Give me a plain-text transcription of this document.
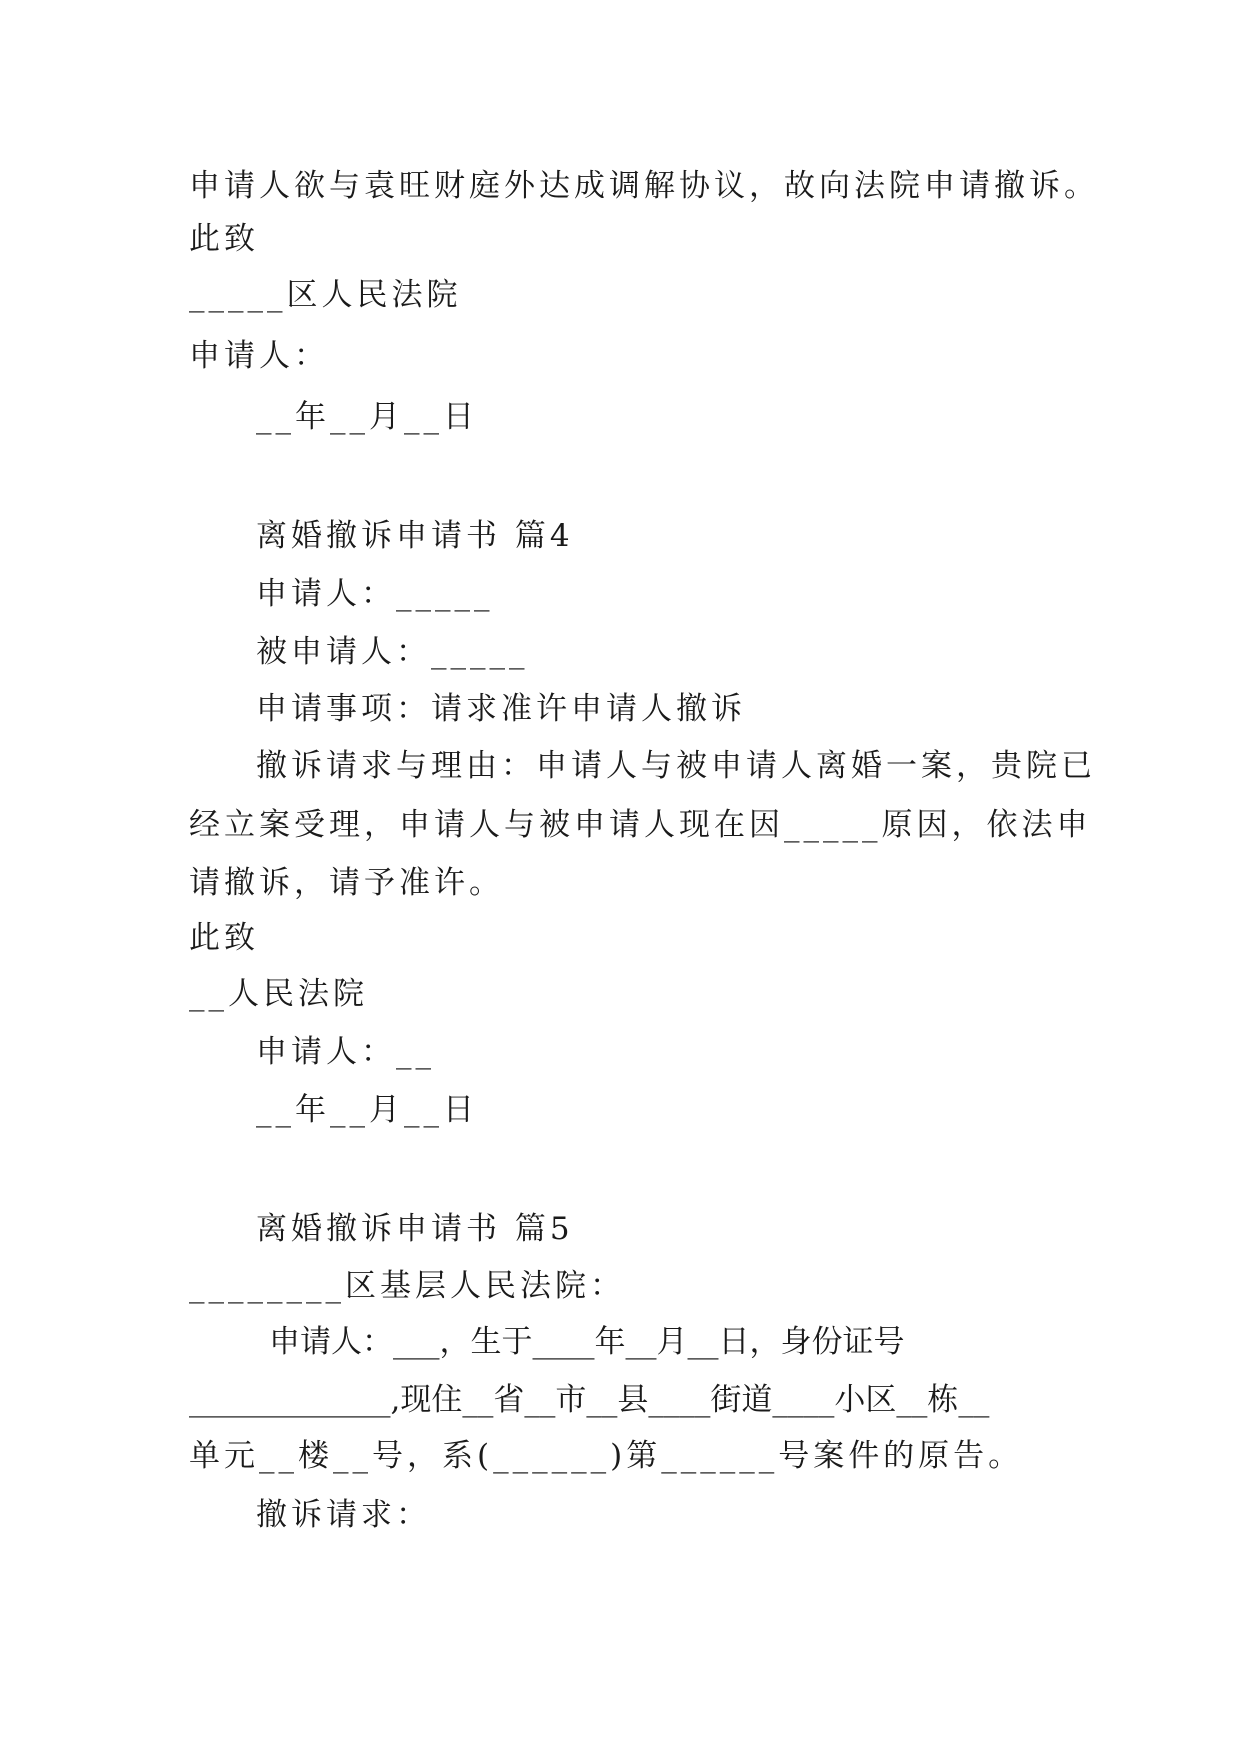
申请人欲与袁旺财庭外达成调解协议，故向法院申请撤诉。
此致
_____区人民法院
申请人：
__年__月__日
离婚撤诉申请书 篇4
申请人：_____
被申请人：_____
申请事项：请求准许申请人撤诉
撤诉请求与理由：申请人与被申请人离婚一案，贵院已
经立案受理，申请人与被申请人现在因_____原因，依法申
请撤诉，请予准许。
此致
__人民法院
申请人：__
__年__月__日
离婚撤诉申请书 篇5
________区基层人民法院：
申请人：___，生于____年__月__日，身份证号
_____________,现住__省__市__县____街道____小区__栋__
单元__楼__号，系(______)第______号案件的原告。
撤诉请求：
